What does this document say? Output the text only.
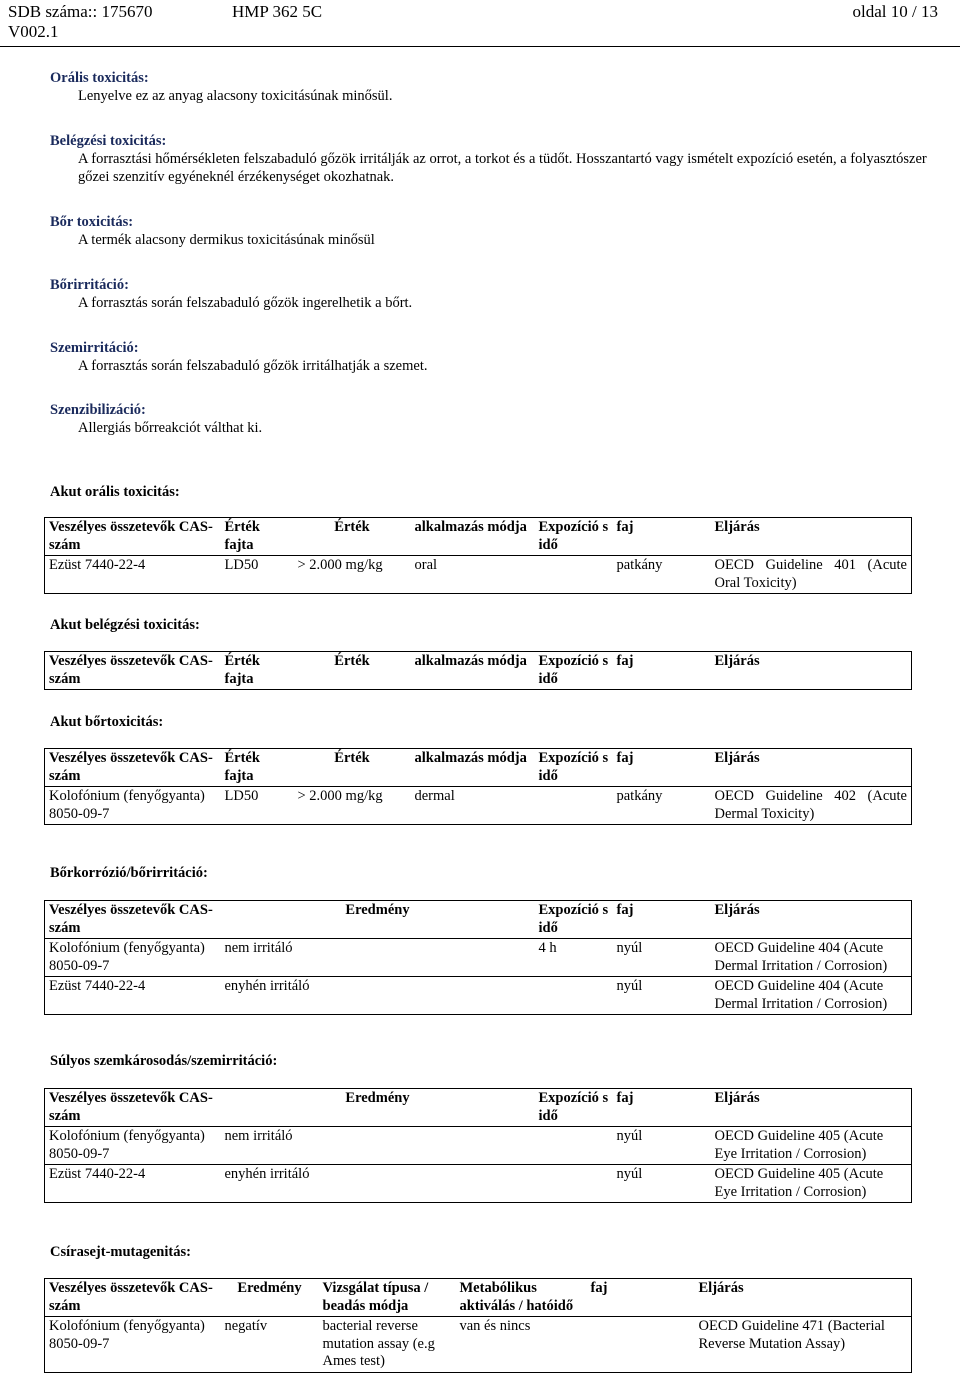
SDB száma:: 175670	HMP 362 5C	oldal 10 / 13
V002.1
Orális toxicitás:
Lenyelve ez az anyag alacsony toxicitásúnak minősül.
Belégzési toxicitás:
A forrasztási hőmérsékleten felszabaduló gőzök irritálják az orrot, a torkot és a tüdőt. Hosszantartó vagy ismételt expozíció esetén, a folyasztószer gőzei szenzitív egyéneknél érzékenységet okozhatnak.
Bőr toxicitás:
A termék alacsony dermikus toxicitásúnak minősül
Bőrirritáció:
A forrasztás során felszabaduló gőzök ingerelhetik a bőrt.
Szemirritáció:
A forrasztás során felszabaduló gőzök irritálhatják a szemet.
Szenzibilizáció:
Allergiás bőrreakciót válthat ki.
Akut orális toxicitás:
Veszélyes összetevők CAS-szám	Érték fajta	Érték	alkalmazás módja	Expozíció s idő	faj	Eljárás
Ezüst 7440-22-4	LD50	> 2.000 mg/kg	oral		patkány	OECD Guideline 401 (Acute Oral Toxicity)
Akut belégzési toxicitás:
Veszélyes összetevők CAS-szám	Érték fajta	Érték	alkalmazás módja	Expozíció s idő	faj	Eljárás
Akut bőrtoxicitás:
Veszélyes összetevők CAS-szám	Érték fajta	Érték	alkalmazás módja	Expozíció s idő	faj	Eljárás
Kolofónium (fenyőgyanta) 8050-09-7	LD50	> 2.000 mg/kg	dermal		patkány	OECD Guideline 402 (Acute Dermal Toxicity)
Bőrkorrózió/bőrirritáció:
Veszélyes összetevők CAS-szám	Eredmény	Expozíció s idő	faj	Eljárás
Kolofónium (fenyőgyanta) 8050-09-7	nem irritáló	4 h	nyúl	OECD Guideline 404 (Acute Dermal Irritation / Corrosion)
Ezüst 7440-22-4	enyhén irritáló		nyúl	OECD Guideline 404 (Acute Dermal Irritation / Corrosion)
Súlyos szemkárosodás/szemirritáció:
Veszélyes összetevők CAS-szám	Eredmény	Expozíció s idő	faj	Eljárás
Kolofónium (fenyőgyanta) 8050-09-7	nem irritáló		nyúl	OECD Guideline 405 (Acute Eye Irritation / Corrosion)
Ezüst 7440-22-4	enyhén irritáló		nyúl	OECD Guideline 405 (Acute Eye Irritation / Corrosion)
Csírasejt-mutagenitás:
Veszélyes összetevők CAS-szám	Eredmény	Vizsgálat típusa / beadás módja	Metabólikus aktiválás / hatóidő	faj	Eljárás
Kolofónium (fenyőgyanta) 8050-09-7	negatív	bacterial reverse mutation assay (e.g Ames test)	van és nincs		OECD Guideline 471 (Bacterial Reverse Mutation Assay)
